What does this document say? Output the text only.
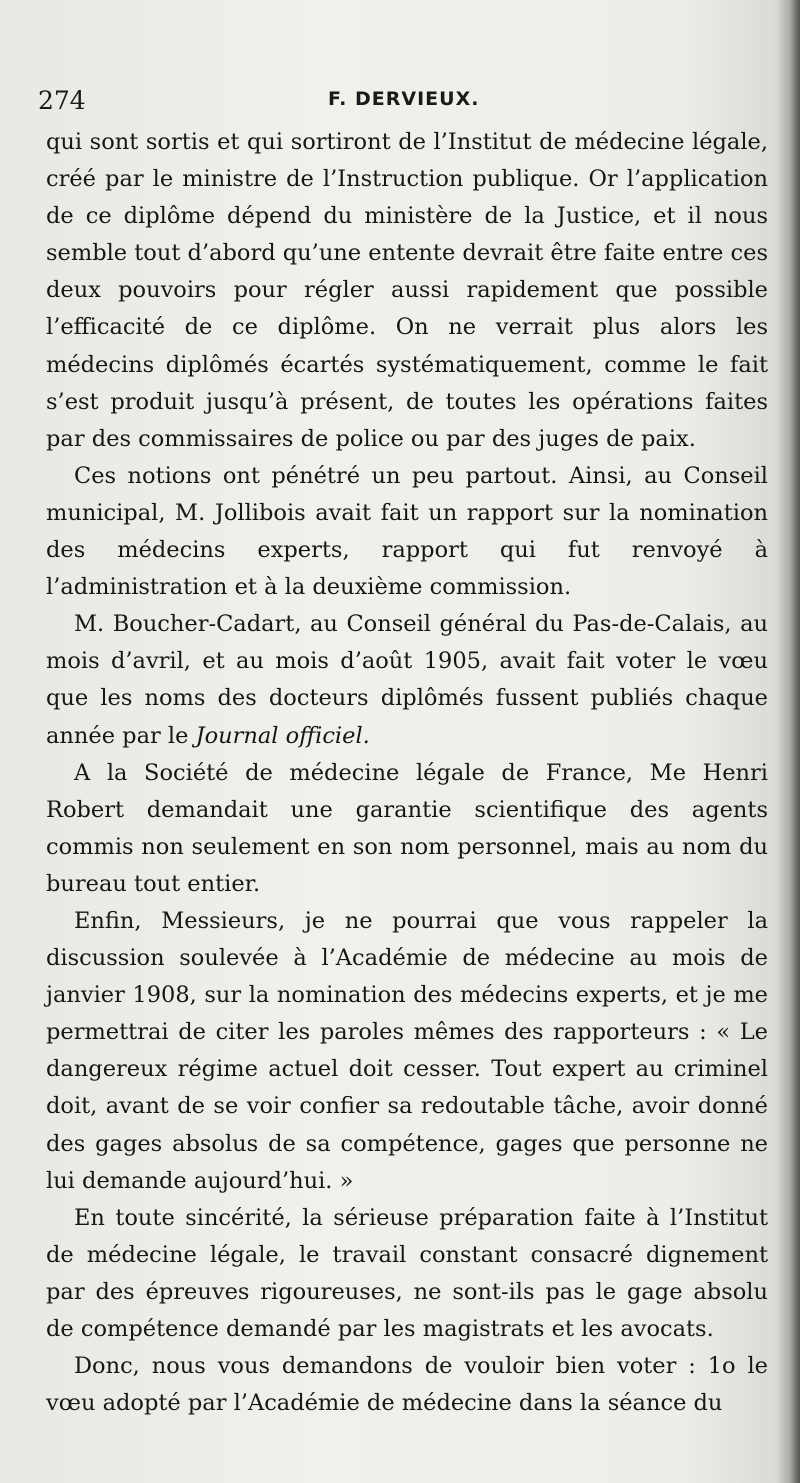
274	F. DERVIEUX.

qui sont sortis et qui sortiront de l’Institut de médecine légale, créé par le ministre de l’Instruction publique. Or l’application de ce diplôme dépend du ministère de la Justice, et il nous semble tout d’abord qu’une entente devrait être faite entre ces deux pouvoirs pour régler aussi rapidement que possible l’efficacité de ce diplôme. On ne verrait plus alors les médecins diplômés écartés systématiquement, comme le fait s’est produit jusqu’à présent, de toutes les opérations faites par des commissaires de police ou par des juges de paix.

Ces notions ont pénétré un peu partout. Ainsi, au Conseil municipal, M. Jollibois avait fait un rapport sur la nomination des médecins experts, rapport qui fut renvoyé à l’administration et à la deuxième commission.

M. Boucher-Cadart, au Conseil général du Pas-de-Calais, au mois d’avril, et au mois d’août 1905, avait fait voter le vœu que les noms des docteurs diplômés fussent publiés chaque année par le Journal officiel.

A la Société de médecine légale de France, Me Henri Robert demandait une garantie scientifique des agents commis non seulement en son nom personnel, mais au nom du bureau tout entier.

Enfin, Messieurs, je ne pourrai que vous rappeler la discussion soulevée à l’Académie de médecine au mois de janvier 1908, sur la nomination des médecins experts, et je me permettrai de citer les paroles mêmes des rapporteurs : « Le dangereux régime actuel doit cesser. Tout expert au criminel doit, avant de se voir confier sa redoutable tâche, avoir donné des gages absolus de sa compétence, gages que personne ne lui demande aujourd’hui. »

En toute sincérité, la sérieuse préparation faite à l’Institut de médecine légale, le travail constant consacré dignement par des épreuves rigoureuses, ne sont-ils pas le gage absolu de compétence demandé par les magistrats et les avocats.

Donc, nous vous demandons de vouloir bien voter : 1o le vœu adopté par l’Académie de médecine dans la séance du
